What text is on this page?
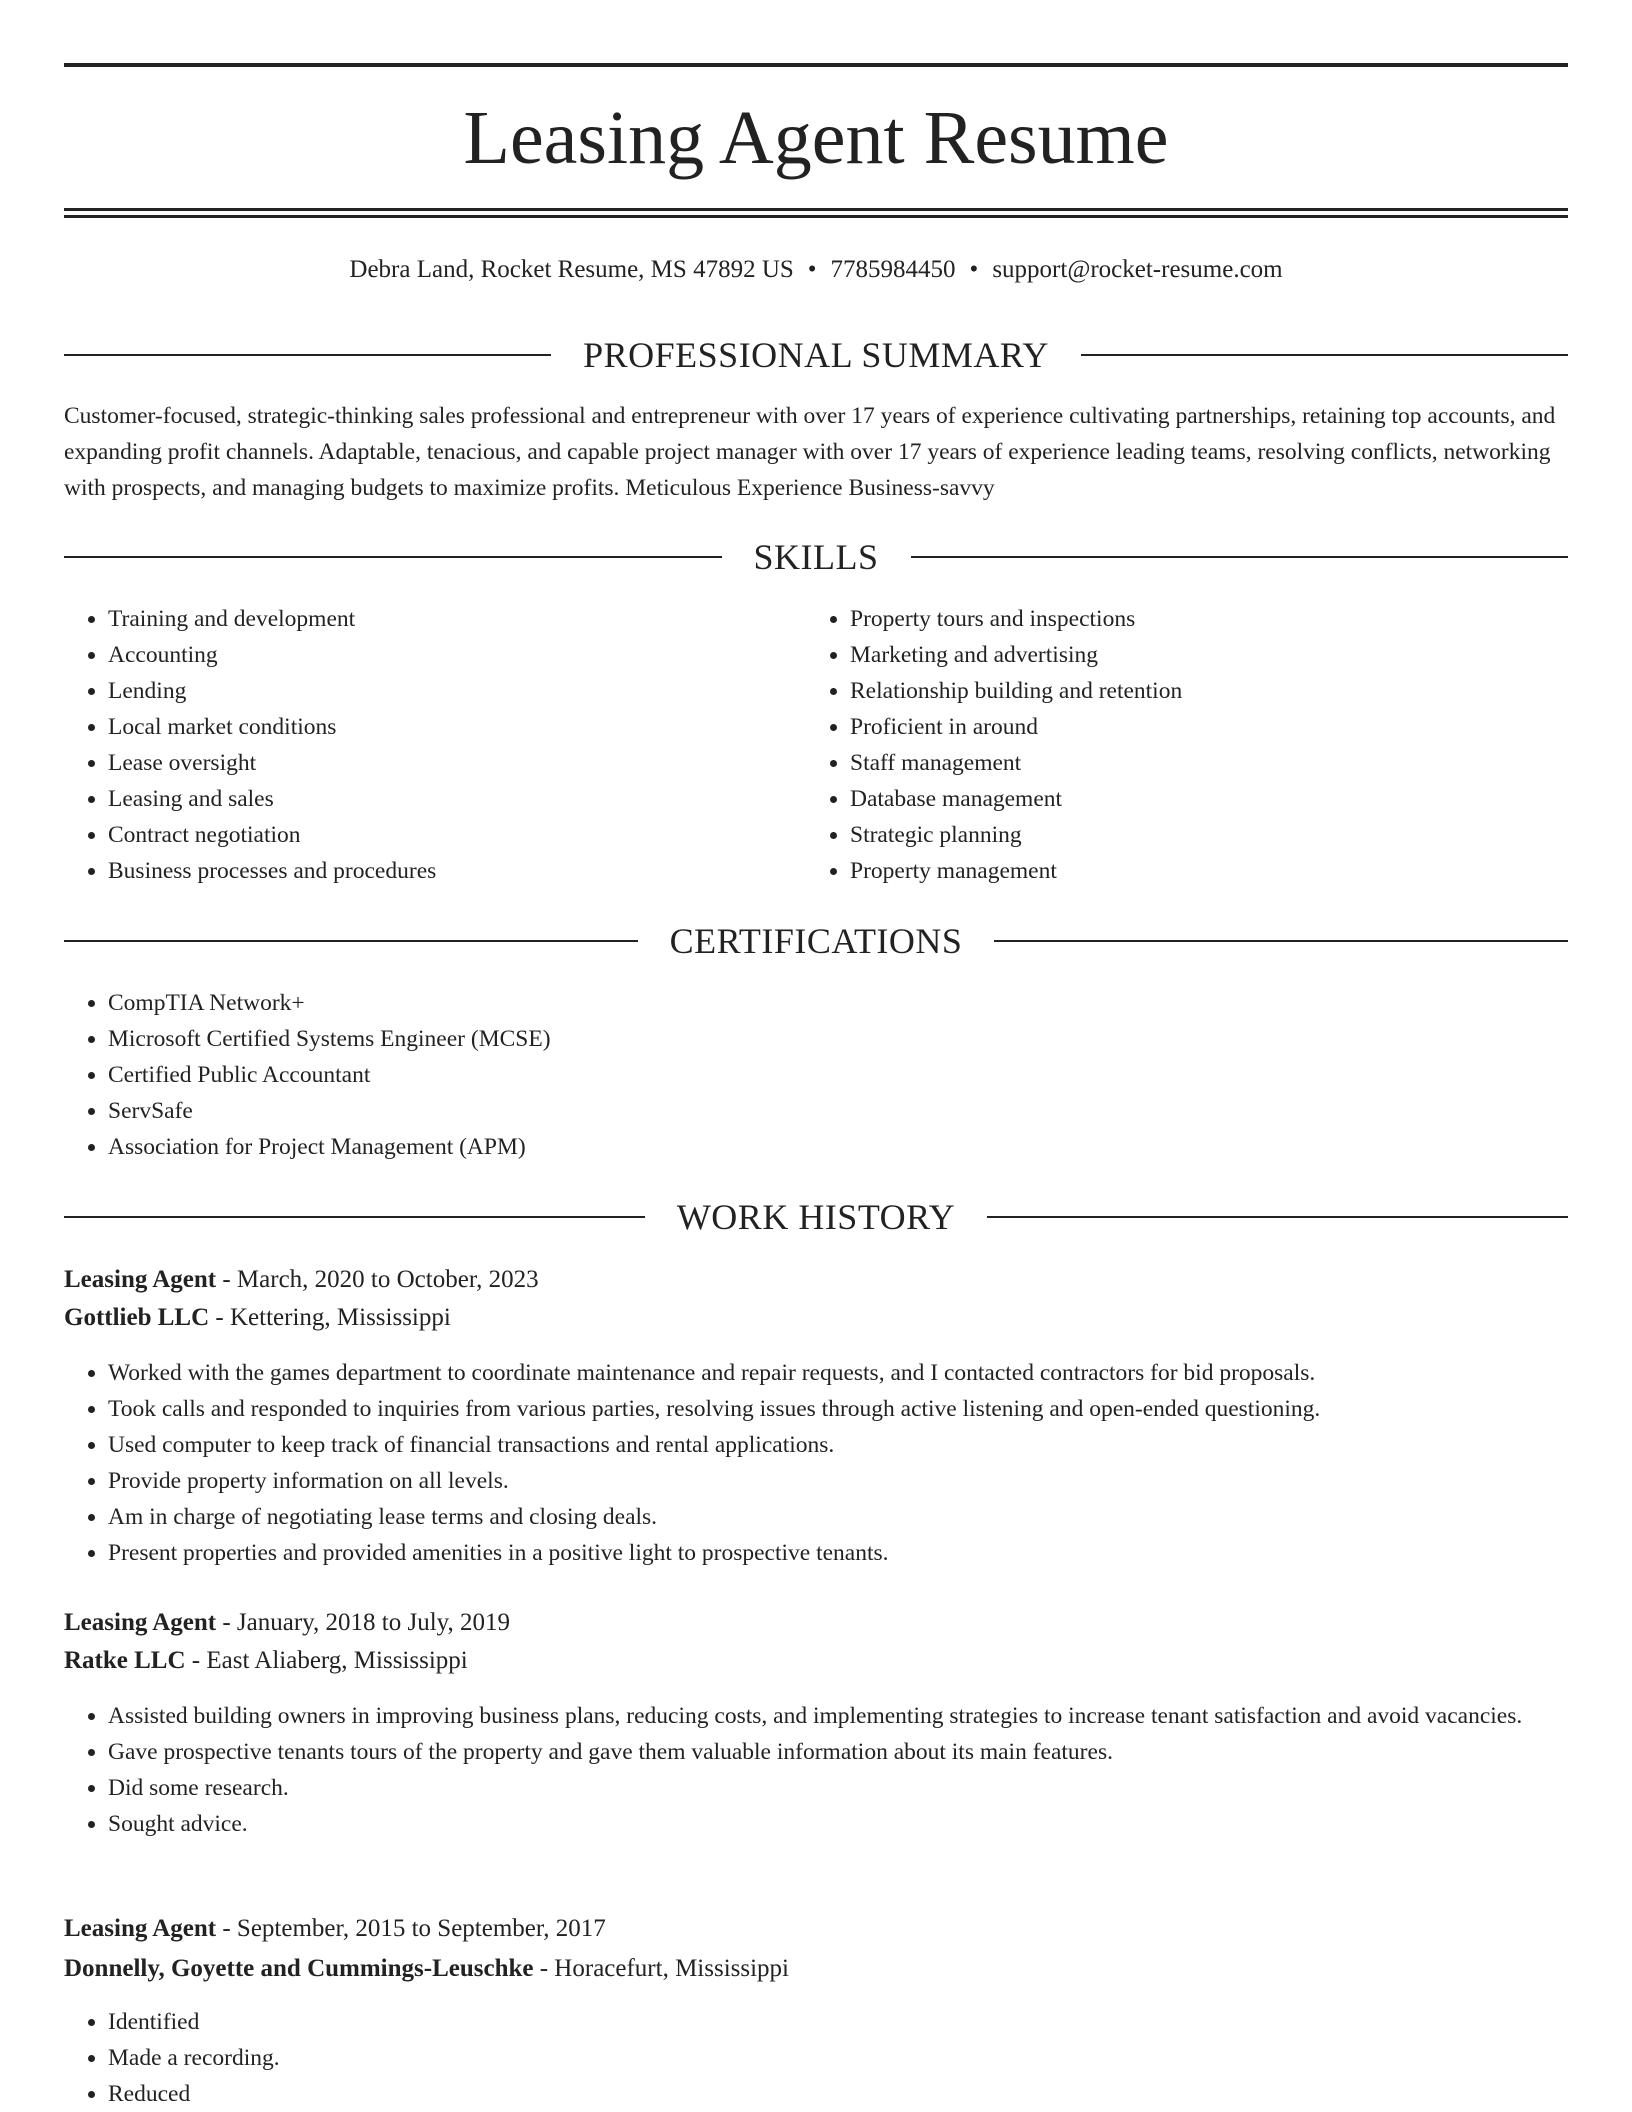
Leasing Agent Resume
Debra Land, Rocket Resume, MS 47892 US • 7785984450 • support@rocket-resume.com
PROFESSIONAL SUMMARY

Customer-focused, strategic-thinking sales professional and entrepreneur with over 17 years of experience cultivating partnerships, retaining top accounts, and expanding profit channels. Adaptable, tenacious, and capable project manager with over 17 years of experience leading teams, resolving conflicts, networking with prospects, and managing budgets to maximize profits. Meticulous Experience Business-savvy

SKILLS
• Training and development
• Accounting
• Lending
• Local market conditions
• Lease oversight
• Leasing and sales
• Contract negotiation
• Business processes and procedures
• Property tours and inspections
• Marketing and advertising
• Relationship building and retention
• Proficient in around
• Staff management
• Database management
• Strategic planning
• Property management
CERTIFICATIONS
• CompTIA Network+
• Microsoft Certified Systems Engineer (MCSE)
• Certified Public Accountant
• ServSafe
• Association for Project Management (APM)
WORK HISTORY
Leasing Agent - March, 2020 to October, 2023
Gottlieb LLC - Kettering, Mississippi
• Worked with the games department to coordinate maintenance and repair requests, and I contacted contractors for bid proposals.
• Took calls and responded to inquiries from various parties, resolving issues through active listening and open-ended questioning.
• Used computer to keep track of financial transactions and rental applications.
• Provide property information on all levels.
• Am in charge of negotiating lease terms and closing deals.
• Present properties and provided amenities in a positive light to prospective tenants.
Leasing Agent - January, 2018 to July, 2019
Ratke LLC - East Aliaberg, Mississippi
• Assisted building owners in improving business plans, reducing costs, and implementing strategies to increase tenant satisfaction and avoid vacancies.
• Gave prospective tenants tours of the property and gave them valuable information about its main features.
• Did some research.
• Sought advice.
Leasing Agent - September, 2015 to September, 2017
Donnelly, Goyette and Cummings-Leuschke - Horacefurt, Mississippi
• Identified
• Made a recording.
• Reduced
